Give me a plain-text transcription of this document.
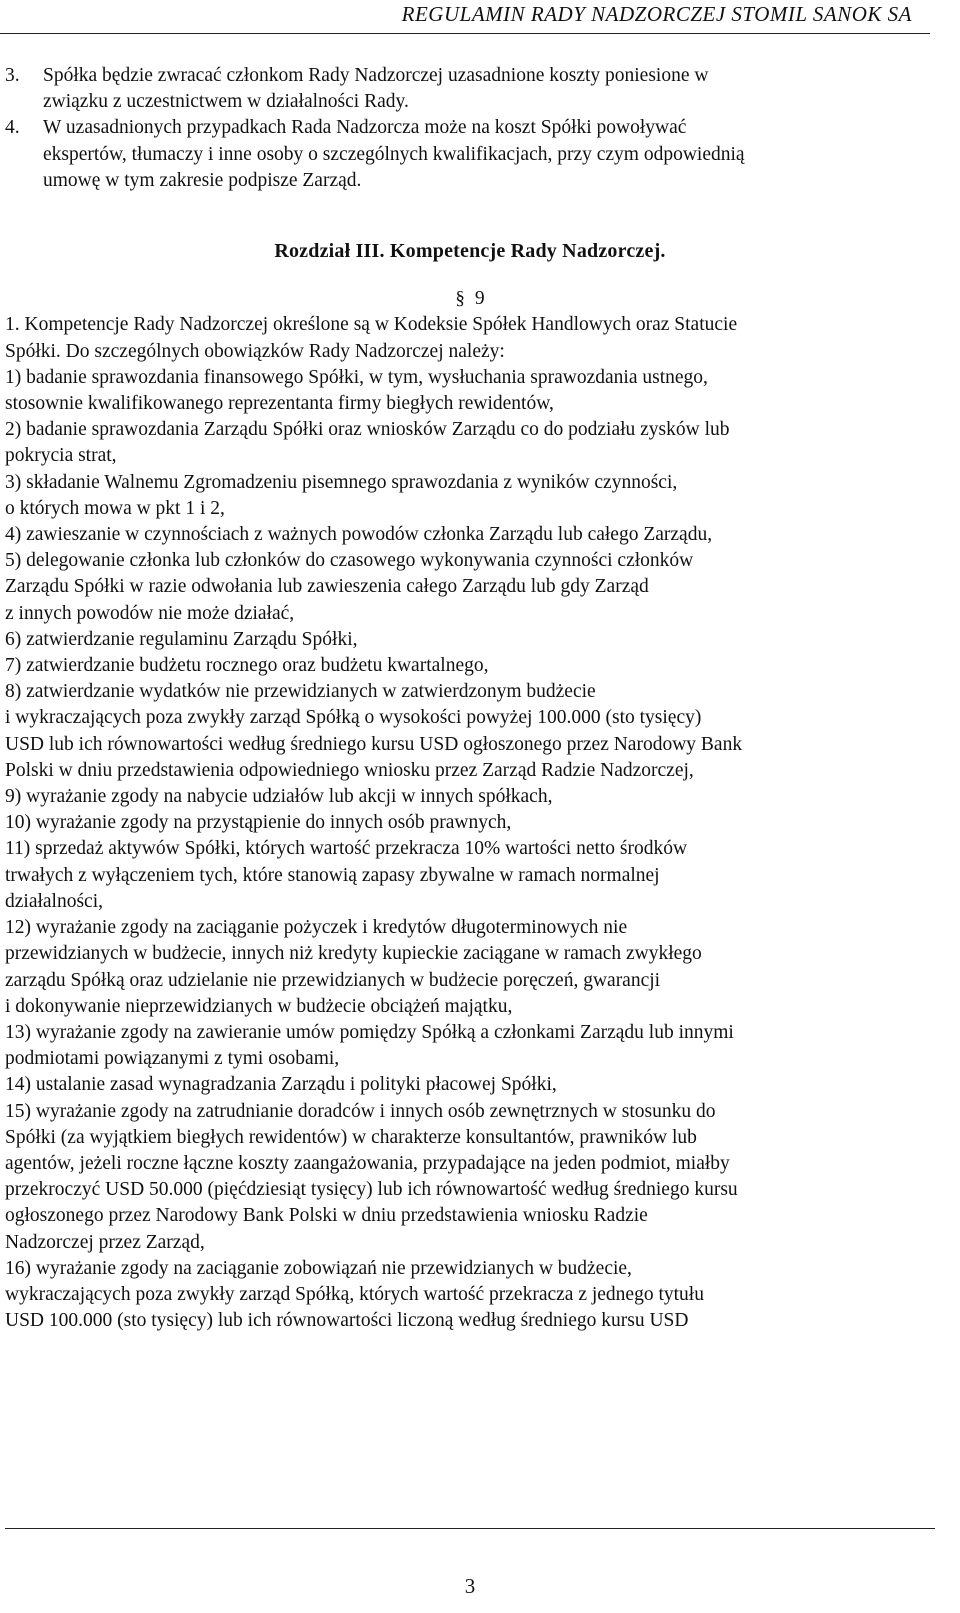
REGULAMIN RADY NADZORCZEJ STOMIL SANOK SA
3. Spółka będzie zwracać członkom Rady Nadzorczej uzasadnione koszty poniesione w
związku z uczestnictwem w działalności Rady.
4. W uzasadnionych przypadkach Rada Nadzorcza może na koszt Spółki powoływać
ekspertów, tłumaczy i inne osoby o szczególnych kwalifikacjach, przy czym odpowiednią
umowę w tym zakresie podpisze Zarząd.
Rozdział III. Kompetencje Rady Nadzorczej.
§ 9
1. Kompetencje Rady Nadzorczej określone są w Kodeksie Spółek Handlowych oraz Statucie
Spółki. Do szczególnych obowiązków Rady Nadzorczej należy:
1) badanie sprawozdania finansowego Spółki, w tym, wysłuchania sprawozdania ustnego,
stosownie kwalifikowanego reprezentanta firmy biegłych rewidentów,
2) badanie sprawozdania Zarządu Spółki oraz wniosków Zarządu co do podziału zysków lub
pokrycia strat,
3) składanie Walnemu Zgromadzeniu pisemnego sprawozdania z wyników czynności,
o których mowa w pkt 1 i 2,
4) zawieszanie w czynnościach z ważnych powodów członka Zarządu lub całego Zarządu,
5) delegowanie członka lub członków do czasowego wykonywania czynności członków
Zarządu Spółki w razie odwołania lub zawieszenia całego Zarządu lub gdy Zarząd
z innych powodów nie może działać,
6) zatwierdzanie regulaminu Zarządu Spółki,
7) zatwierdzanie budżetu rocznego oraz budżetu kwartalnego,
8) zatwierdzanie wydatków nie przewidzianych w zatwierdzonym budżecie
i wykraczających poza zwykły zarząd Spółką o wysokości powyżej 100.000 (sto tysięcy)
USD lub ich równowartości według średniego kursu USD ogłoszonego przez Narodowy Bank
Polski w dniu przedstawienia odpowiedniego wniosku przez Zarząd Radzie Nadzorczej,
9) wyrażanie zgody na nabycie udziałów lub akcji w innych spółkach,
10) wyrażanie zgody na przystąpienie do innych osób prawnych,
11) sprzedaż aktywów Spółki, których wartość przekracza 10% wartości netto środków
trwałych z wyłączeniem tych, które stanowią zapasy zbywalne w ramach normalnej
działalności,
12) wyrażanie zgody na zaciąganie pożyczek i kredytów długoterminowych nie
przewidzianych w budżecie, innych niż kredyty kupieckie zaciągane w ramach zwykłego
zarządu Spółką oraz udzielanie nie przewidzianych w budżecie poręczeń, gwarancji
i dokonywanie nieprzewidzianych w budżecie obciążeń majątku,
13) wyrażanie zgody na zawieranie umów pomiędzy Spółką a członkami Zarządu lub innymi
podmiotami powiązanymi z tymi osobami,
14) ustalanie zasad wynagradzania Zarządu i polityki płacowej Spółki,
15) wyrażanie zgody na zatrudnianie doradców i innych osób zewnętrznych w stosunku do
Spółki (za wyjątkiem biegłych rewidentów) w charakterze konsultantów, prawników lub
agentów, jeżeli roczne łączne koszty zaangażowania, przypadające na jeden podmiot, miałby
przekroczyć USD 50.000 (pięćdziesiąt tysięcy) lub ich równowartość według średniego kursu
ogłoszonego przez Narodowy Bank Polski w dniu przedstawienia wniosku Radzie
Nadzorczej przez Zarząd,
16) wyrażanie zgody na zaciąganie zobowiązań nie przewidzianych w budżecie,
wykraczających poza zwykły zarząd Spółką, których wartość przekracza z jednego tytułu
USD 100.000 (sto tysięcy) lub ich równowartości liczoną według średniego kursu USD
3
